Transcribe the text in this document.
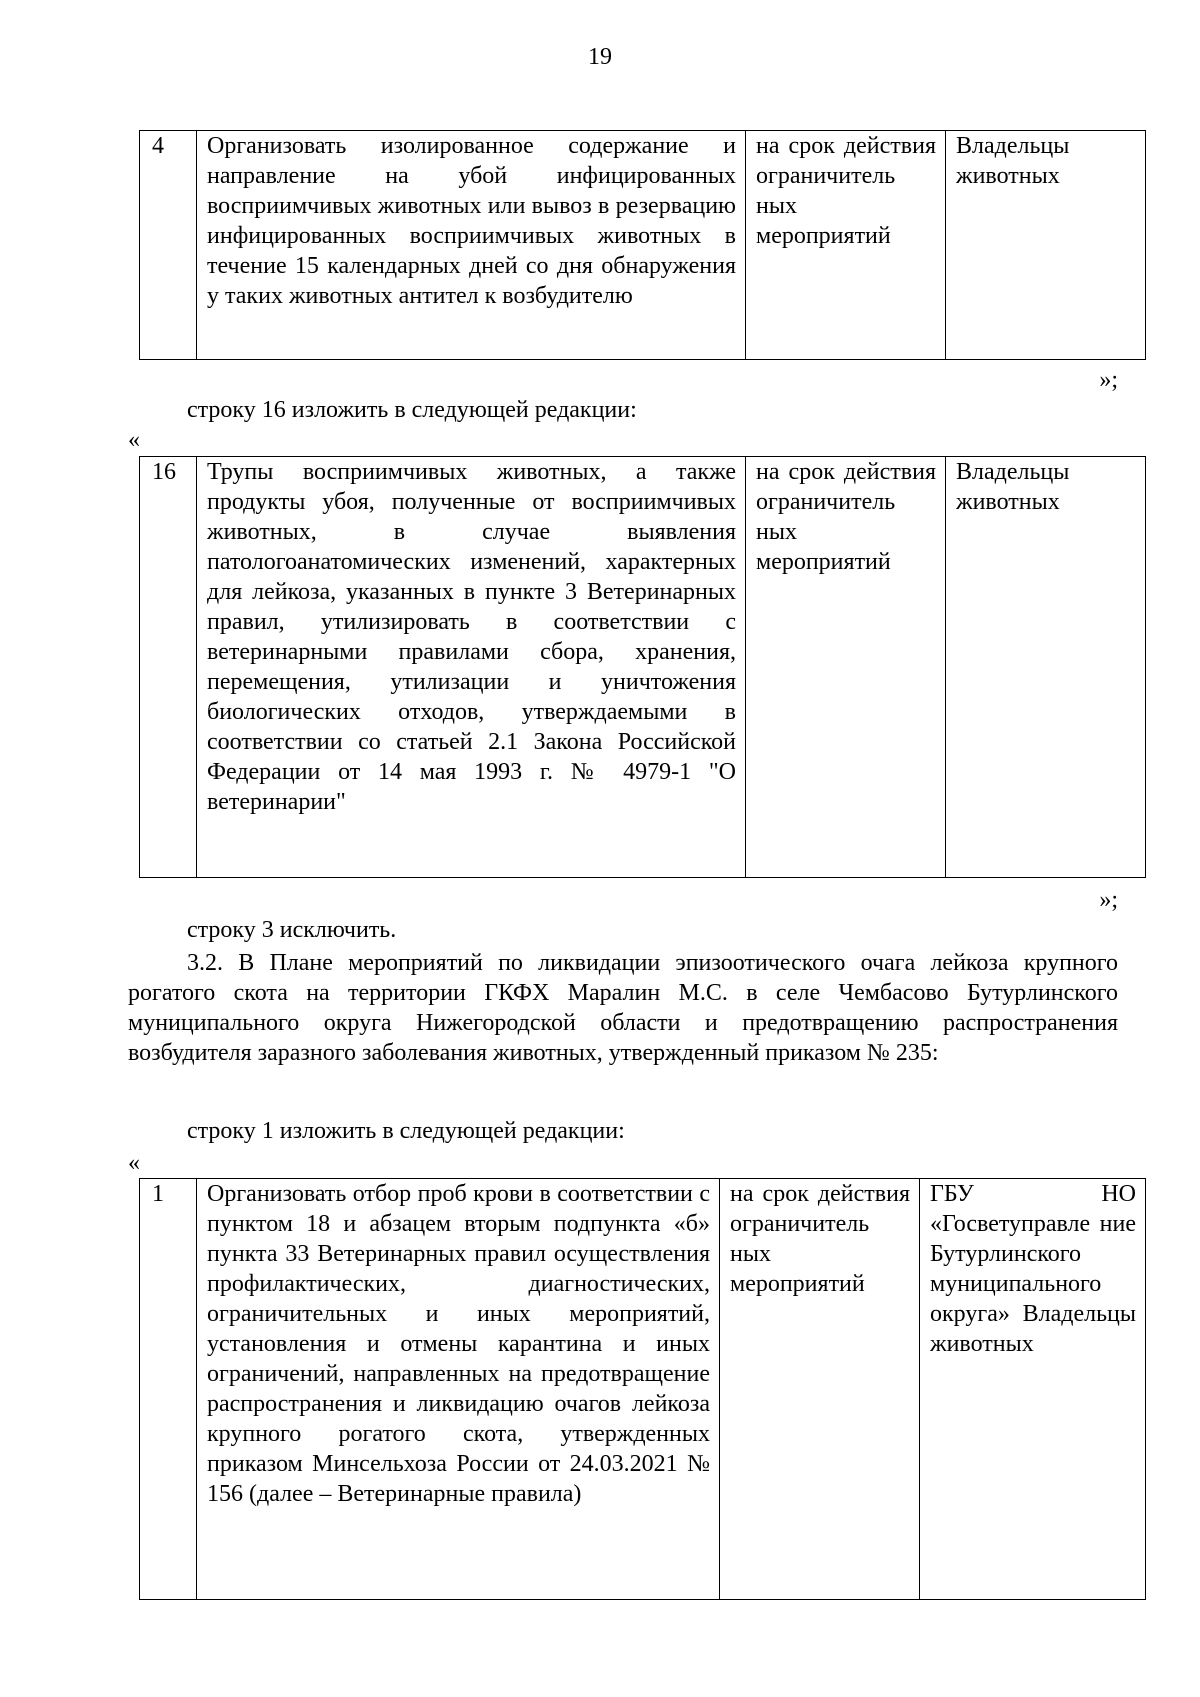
19
4	Организовать изолированное содержание и направление на убой инфицированных восприимчивых животных или вывоз в резервацию инфицированных восприимчивых животных в течение 15 календарных дней со дня обнаружения у таких животных антител к возбудителю	на срок действия ограничитель ных мероприятий	Владельцы животных
»;
строку 16 изложить в следующей редакции:
«
16	Трупы восприимчивых животных, а также продукты убоя, полученные от восприимчивых животных, в случае выявления патологоанатомических изменений, характерных для лейкоза, указанных в пункте 3 Ветеринарных правил, утилизировать в соответствии с ветеринарными правилами сбора, хранения, перемещения, утилизации и уничтожения биологических отходов, утверждаемыми в соответствии со статьей 2.1 Закона Российской Федерации от 14 мая 1993 г. № 4979-1 "О ветеринарии"	на срок действия ограничитель ных мероприятий	Владельцы животных
»;
строку 3 исключить.
3.2. В Плане мероприятий по ликвидации эпизоотического очага лейкоза крупного рогатого скота на территории ГКФХ Маралин М.С. в селе Чембасово Бутурлинского муниципального округа Нижегородской области и предотвращению распространения возбудителя заразного заболевания животных, утвержденный приказом № 235:
строку 1 изложить в следующей редакции:
«
1	Организовать отбор проб крови в соответствии с пунктом 18 и абзацем вторым подпункта «б» пункта 33 Ветеринарных правил осуществления профилактических, диагностических, ограничительных и иных мероприятий, установления и отмены карантина и иных ограничений, направленных на предотвращение распространения и ликвидацию очагов лейкоза крупного рогатого скота, утвержденных приказом Минсельхоза России от 24.03.2021 № 156 (далее – Ветеринарные правила)	на срок действия ограничитель ных мероприятий	ГБУ НО «Госветуправле ние Бутурлинского муниципального округа» Владельцы животных
